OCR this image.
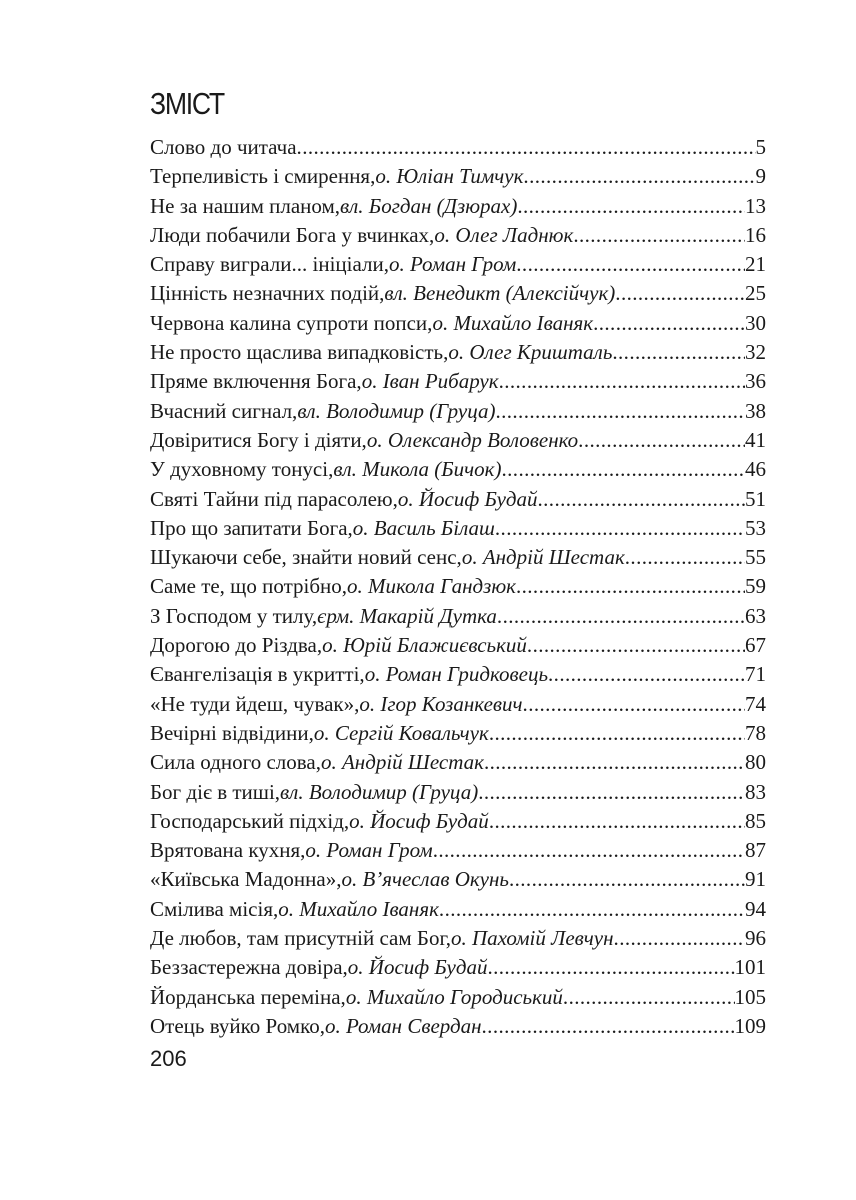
ЗМІСТ
Слово до читача .....	5
Терпеливість і смирення, о. Юліан Тимчук .....	9
Не за нашим планом, вл. Богдан (Дзюрах) .....	13
Люди побачили Бога у вчинках, о. Олег Ладнюк .....	16
Справу виграли... ініціали, о. Роман Гром .....	21
Цінність незначних подій, вл. Венедикт (Алексійчук) .....	25
Червона калина супроти попси, о. Михайло Іваняк .....	30
Не просто щаслива випадковість, о. Олег Кришталь .....	32
Пряме включення Бога, о. Іван Рибарук .....	36
Вчасний сигнал, вл. Володимир (Груца) .....	38
Довіритися Богу і діяти, о. Олександр Воловенко .....	41
У духовному тонусі, вл. Микола (Бичок) .....	46
Святі Тайни під парасолею, о. Йосиф Будай .....	51
Про що запитати Бога, о. Василь Білаш .....	53
Шукаючи себе, знайти новий сенс, о. Андрій Шестак .....	55
Саме те, що потрібно, о. Микола Гандзюк .....	59
З Господом у тилу, єрм. Макарій Дутка .....	63
Дорогою до Різдва, о. Юрій Блажиєвський .....	67
Євангелізація в укритті, о. Роман Гридковець .....	71
«Не туди йдеш, чувак», о. Ігор Козанкевич .....	74
Вечірні відвідини, о. Сергій Ковальчук .....	78
Сила одного слова, о. Андрій Шестак .....	80
Бог діє в тиші, вл. Володимир (Груца) .....	83
Господарський підхід, о. Йосиф Будай .....	85
Врятована кухня, о. Роман Гром .....	87
«Київська Мадонна», о. В’ячеслав Окунь .....	91
Смілива місія, о. Михайло Іваняк .....	94
Де любов, там присутній сам Бог, о. Пахомій Левчун .....	96
Беззастережна довіра, о. Йосиф Будай .....	101
Йорданська переміна, о. Михайло Городиський .....	105
Отець вуйко Ромко, о. Роман Свердан .....	109
206
